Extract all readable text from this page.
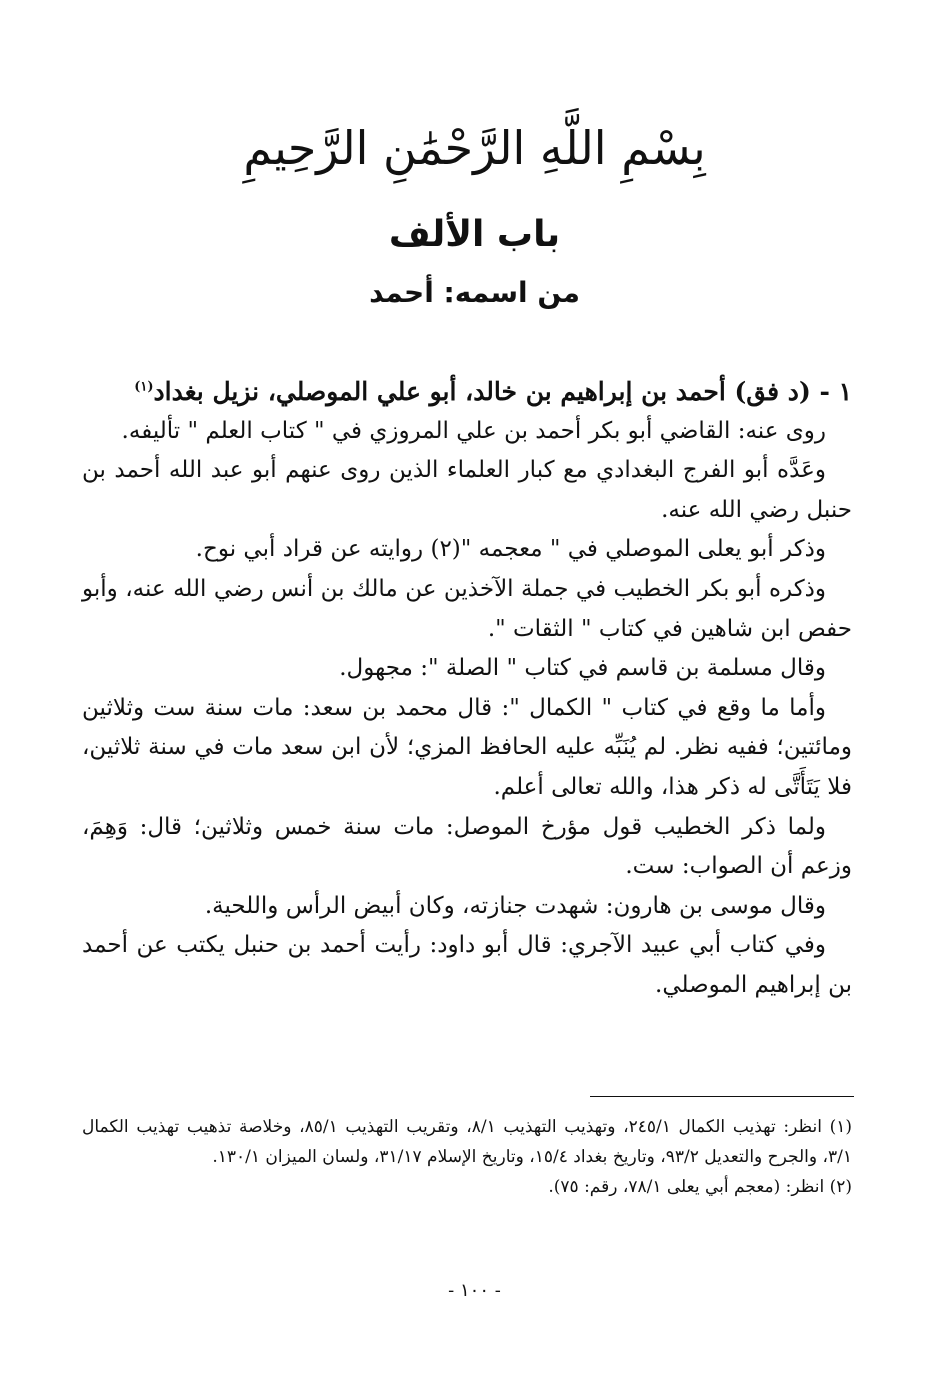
بِسْمِ اللَّهِ الرَّحْمَٰنِ الرَّحِيمِ
باب الألف
من اسمه: أحمد

١ - (د فق) أحمد بن إبراهيم بن خالد، أبو علي الموصلي، نزيل بغداد$^{(١)}$

روى عنه: القاضي أبو بكر أحمد بن علي المروزي في " كتاب العلم " تأليفه.

وعَدَّه أبو الفرج البغدادي مع كبار العلماء الذين روى عنهم أبو عبد الله أحمد بن حنبل رضي الله عنه.

وذكر أبو يعلى الموصلي في " معجمه "(٢) روايته عن قراد أبي نوح.

وذكره أبو بكر الخطيب في جملة الآخذين عن مالك بن أنس رضي الله عنه، وأبو حفص ابن شاهين في كتاب " الثقات ".

وقال مسلمة بن قاسم في كتاب " الصلة ": مجهول.

وأما ما وقع في كتاب " الكمال ": قال محمد بن سعد: مات سنة ست وثلاثين ومائتين؛ ففيه نظر. لم يُنَبِّه عليه الحافظ المزي؛ لأن ابن سعد مات في سنة ثلاثين، فلا يَتَأَتَّى له ذكر هذا، والله تعالى أعلم.

ولما ذكر الخطيب قول مؤرخ الموصل: مات سنة خمس وثلاثين؛ قال: وَهِمَ، وزعم أن الصواب: ست.

وقال موسى بن هارون: شهدت جنازته، وكان أبيض الرأس واللحية.

وفي كتاب أبي عبيد الآجري: قال أبو داود: رأيت أحمد بن حنبل يكتب عن أحمد بن إبراهيم الموصلي.

(١) انظر: تهذيب الكمال ٢٤٥/١، وتهذيب التهذيب ٨/١، وتقريب التهذيب ٨٥/١، وخلاصة تذهيب تهذيب الكمال ٣/١، والجرح والتعديل ٩٣/٢، وتاريخ بغداد ١٥/٤، وتاريخ الإسلام ٣١/١٧، ولسان الميزان ١٣٠/١.

(٢) انظر: (معجم أبي يعلى ٧٨/١، رقم: ٧٥).

- ١٠٠ -
